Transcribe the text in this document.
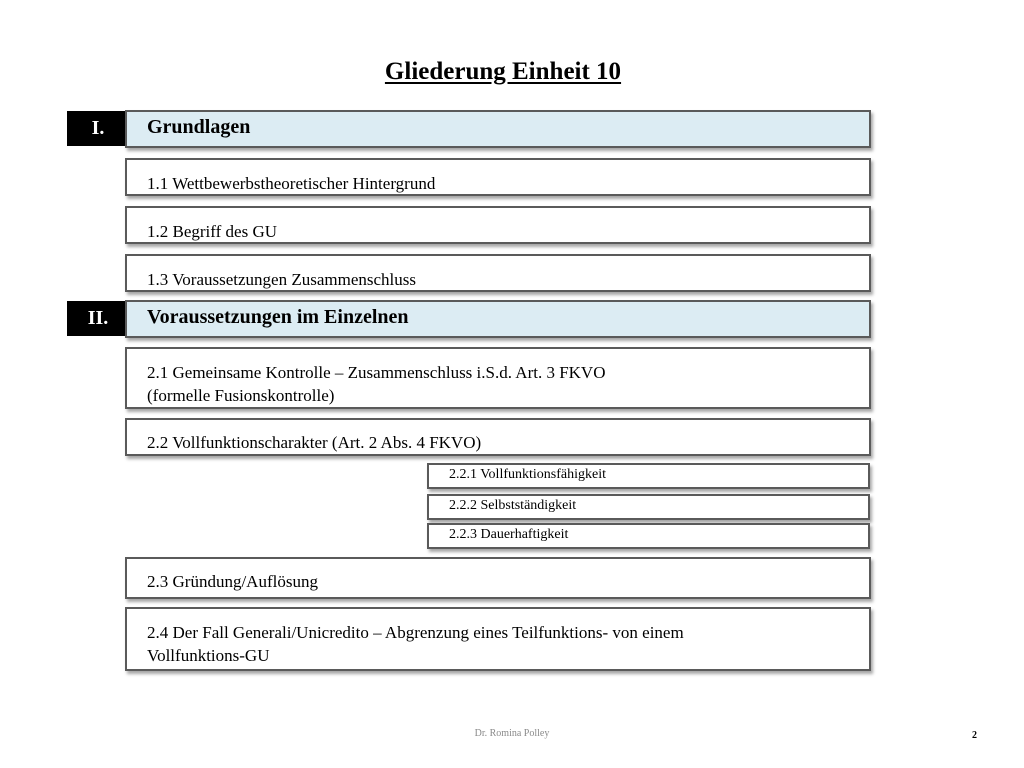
Gliederung Einheit 10
I.	Grundlagen
1.1 Wettbewerbstheoretischer Hintergrund
1.2 Begriff des GU
1.3 Voraussetzungen Zusammenschluss
II.	Voraussetzungen im Einzelnen
2.1 Gemeinsame Kontrolle – Zusammenschluss i.S.d. Art. 3 FKVO
(formelle Fusionskontrolle)
2.2 Vollfunktionscharakter (Art. 2 Abs. 4 FKVO)
2.2.1 Vollfunktionsfähigkeit
2.2.2 Selbstständigkeit
2.2.3 Dauerhaftigkeit
2.3 Gründung/Auflösung
2.4 Der Fall Generali/Unicredito – Abgrenzung eines Teilfunktions- von einem
Vollfunktions-GU
Dr. Romina Polley	2
